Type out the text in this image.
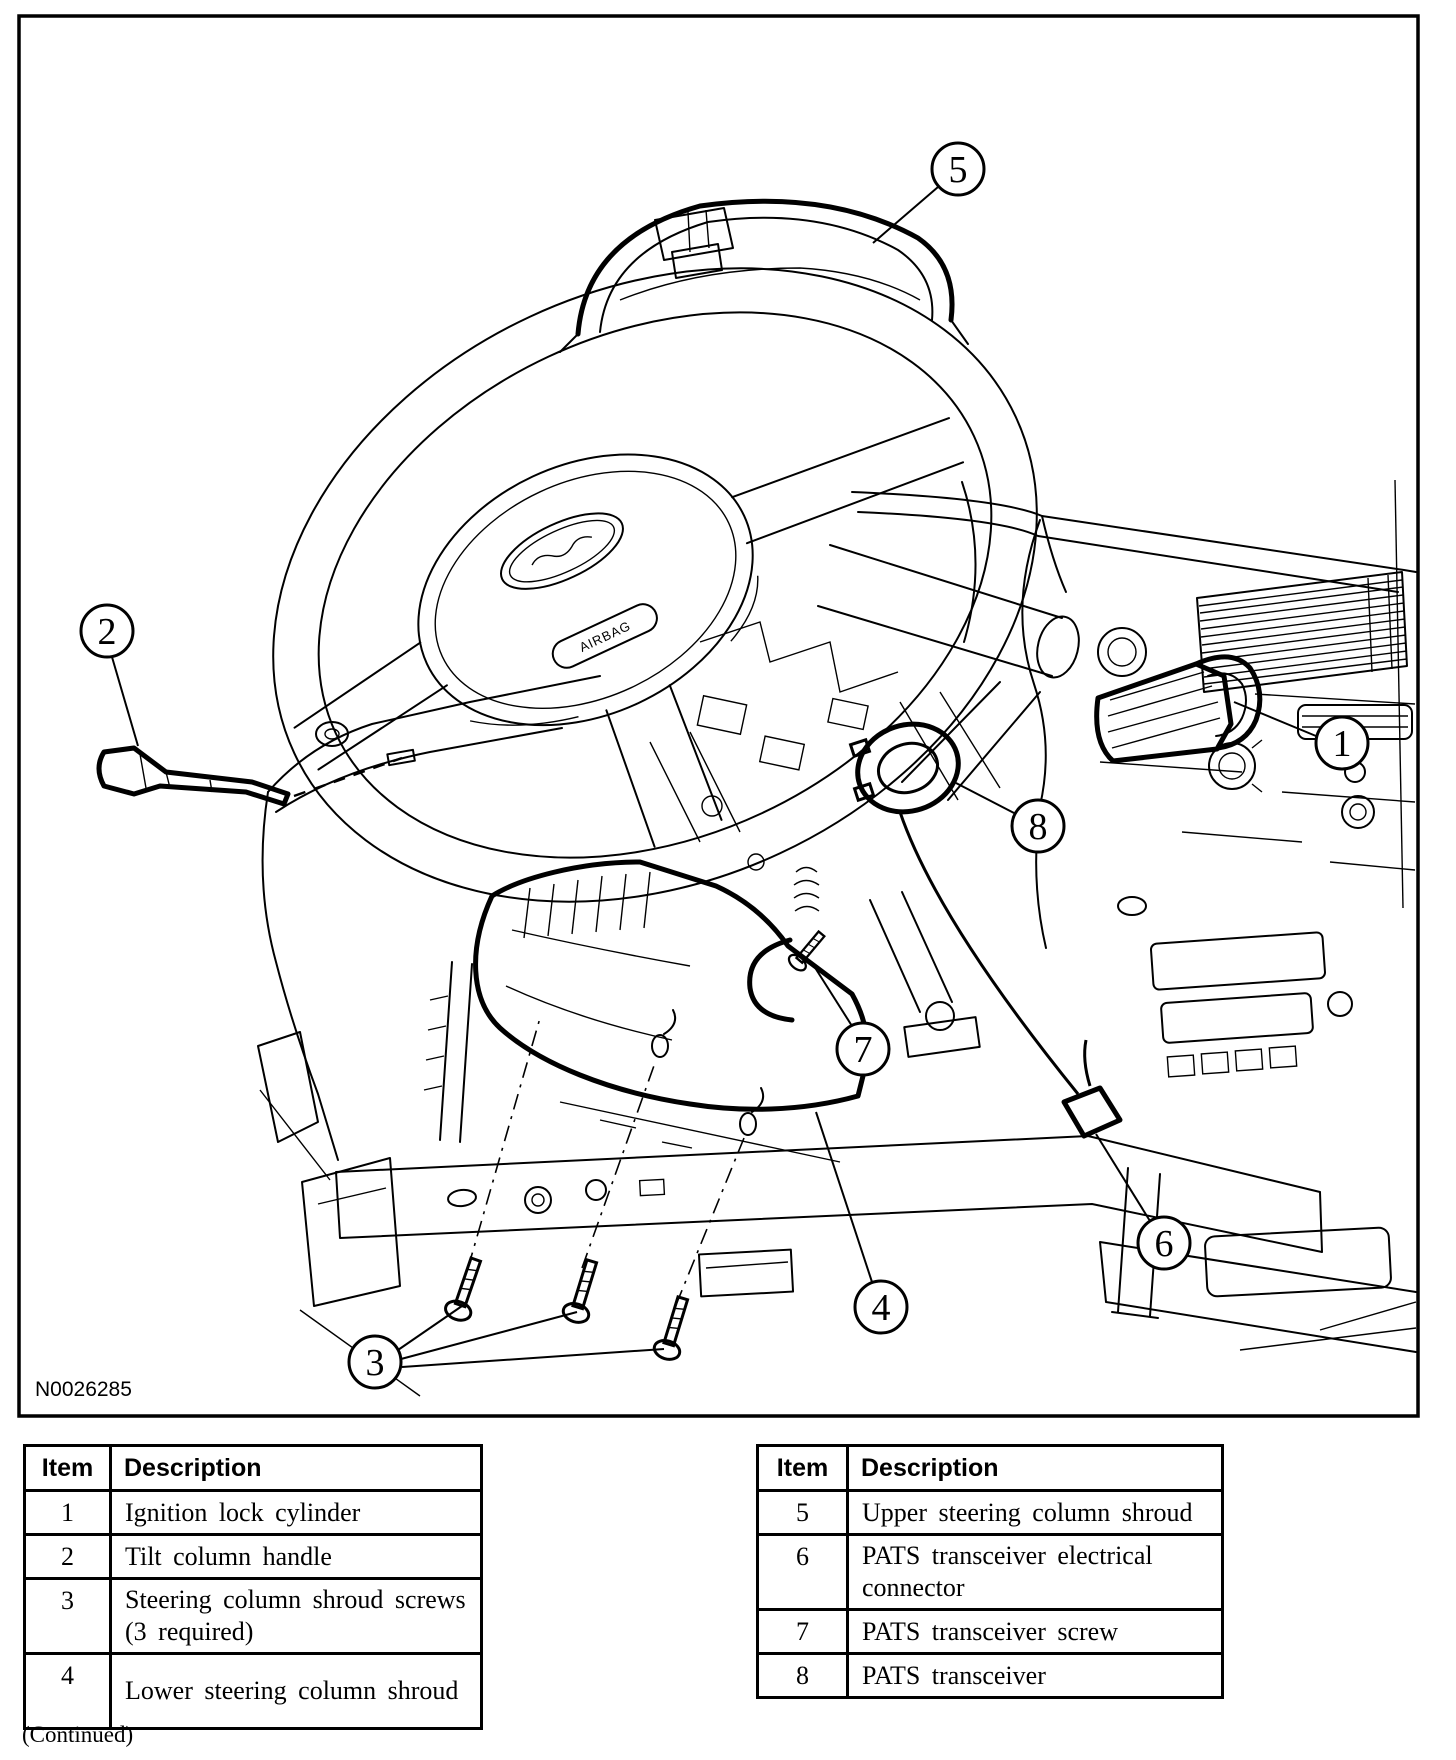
AIRBAG
1
2
3
4
5
6
7
8
N0026285
Item	Description
1	Ignition lock cylinder
2	Tilt column handle
3	Steering column shroud screws (3 required)
4	Lower steering column shroud
Item	Description
5	Upper steering column shroud
6	PATS transceiver electrical connector
7	PATS transceiver screw
8	PATS transceiver
(Continued)
